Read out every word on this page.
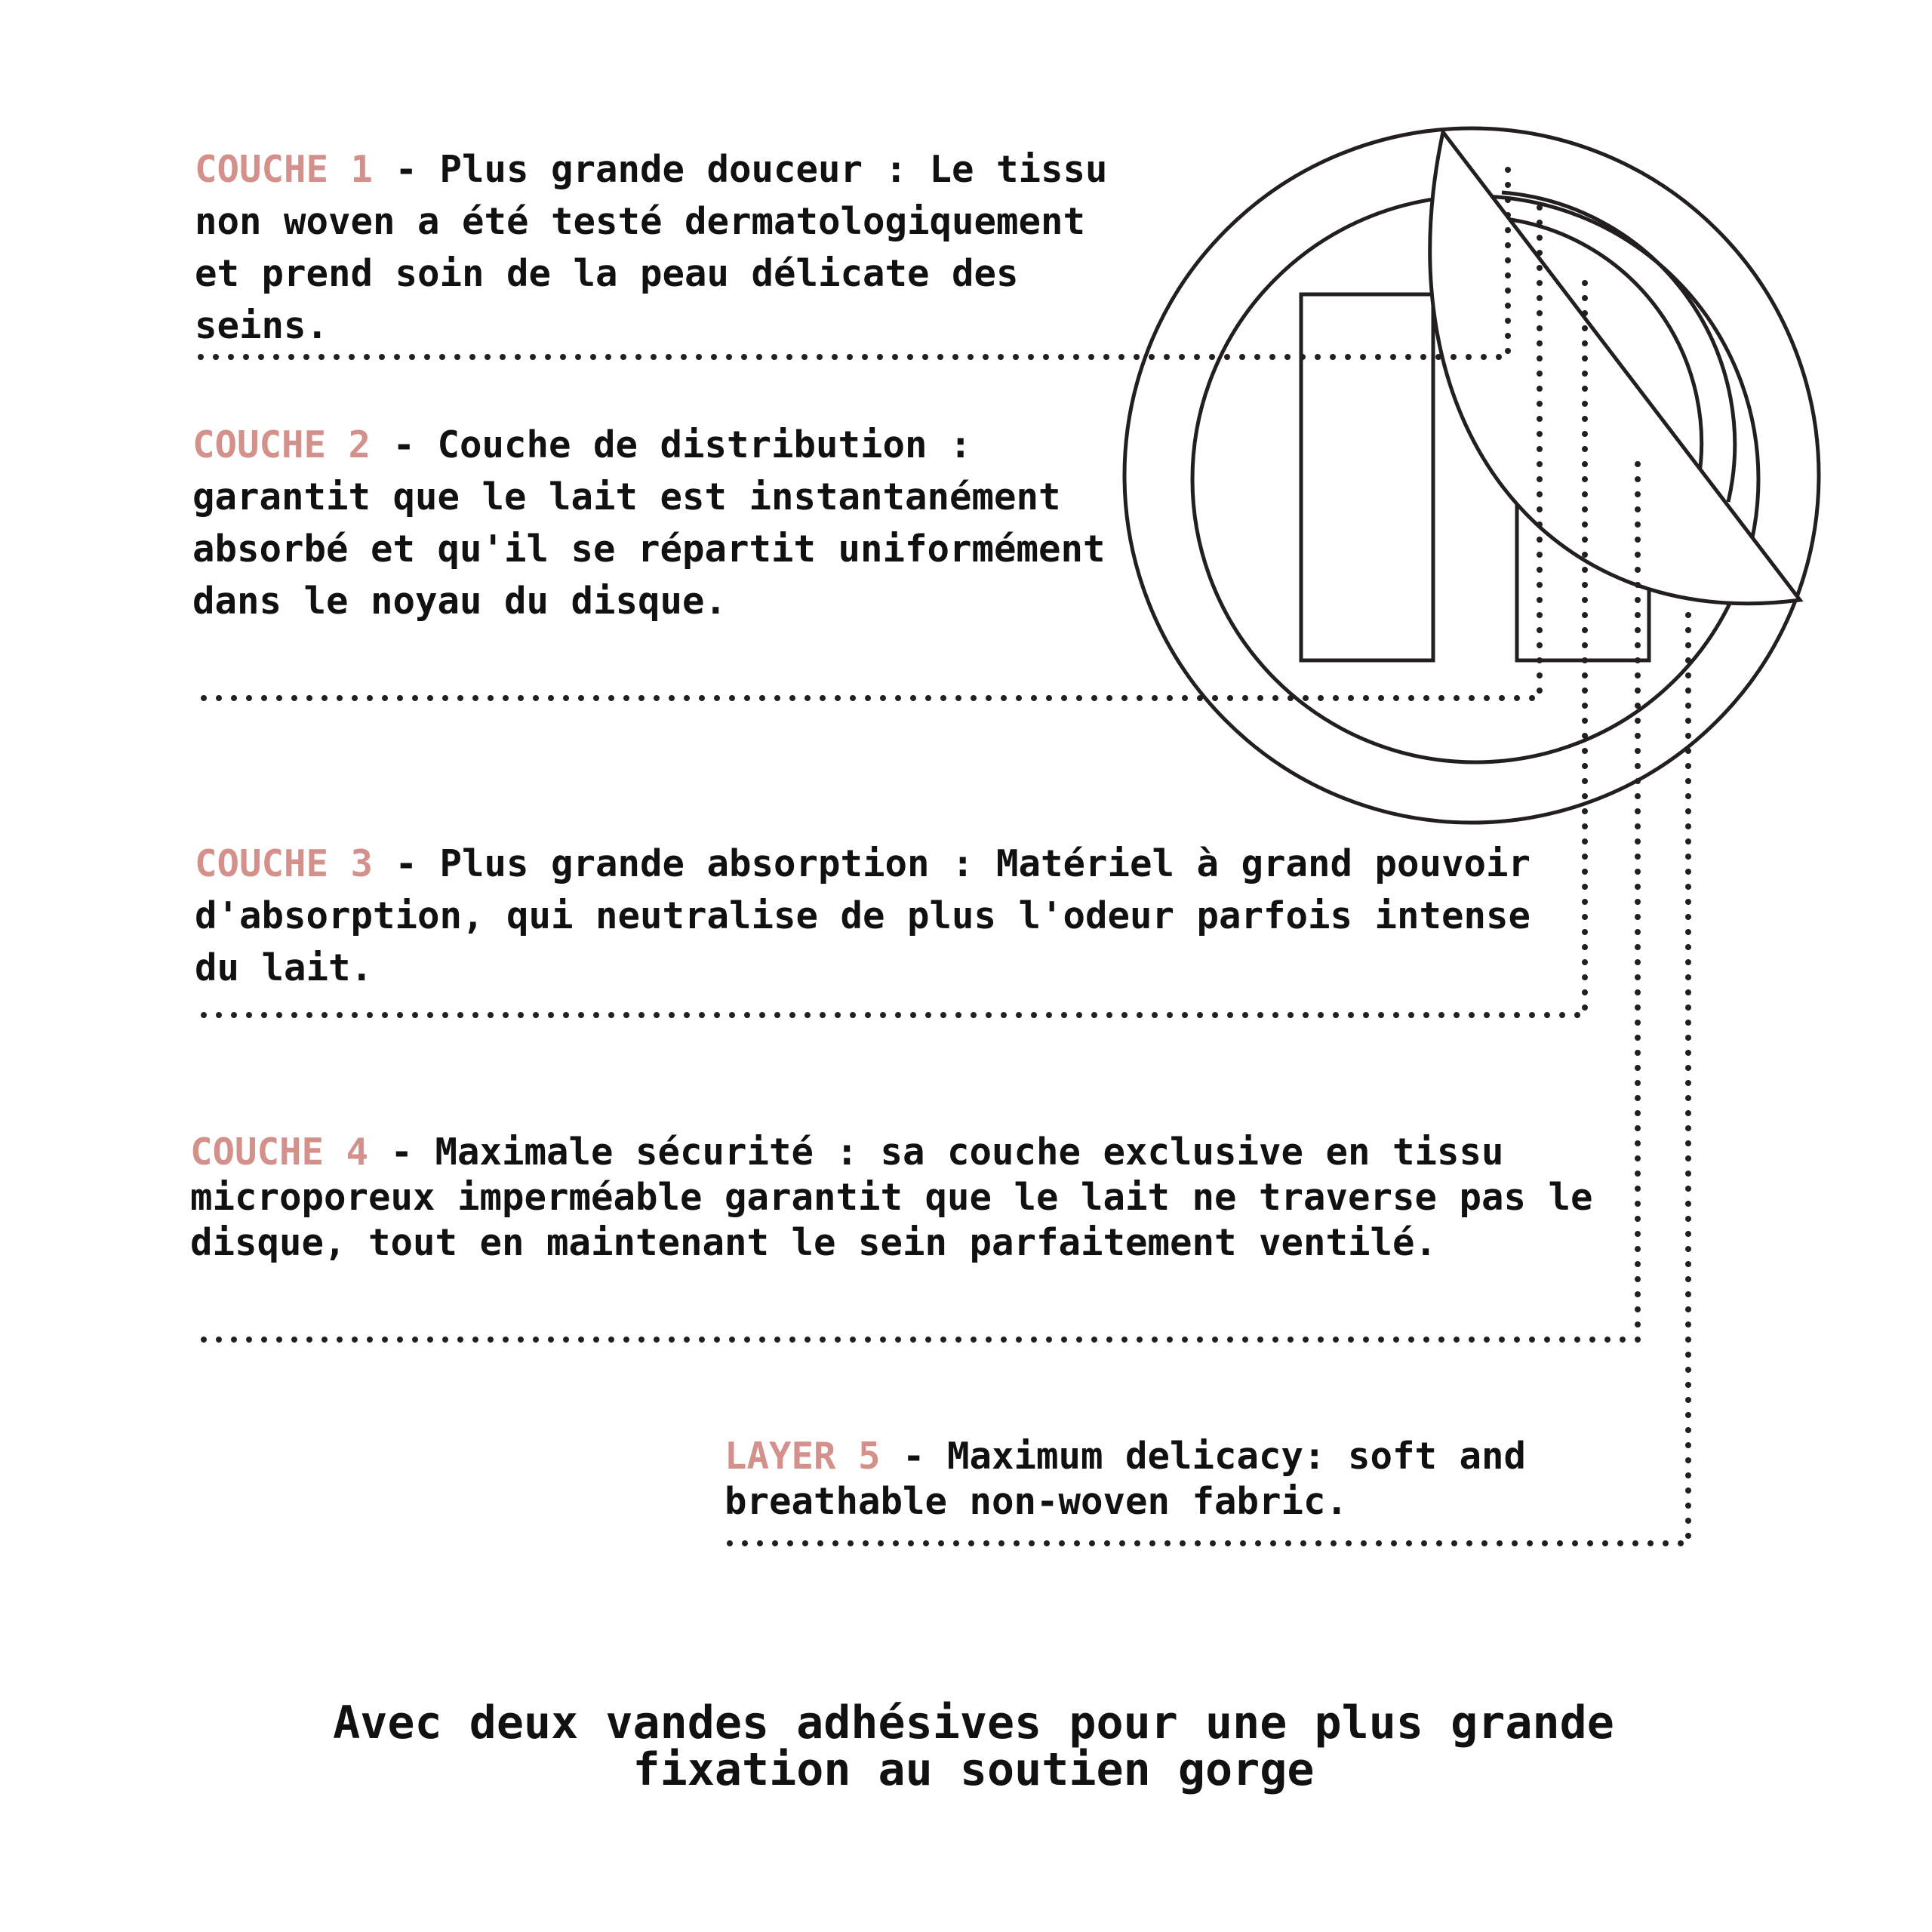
COUCHE 1 - Plus grande douceur : Le tissu non woven a été testé dermatologiquement et prend soin de la peau délicate des seins.

COUCHE 2 - Couche de distribution : garantit que le lait est instantanément absorbé et qu'il se répartit uniformément dans le noyau du disque.

COUCHE 3 - Plus grande absorption : Matériel à grand pouvoir d'absorption, qui neutralise de plus l'odeur parfois intense du lait.

COUCHE 4 - Maximale sécurité : sa couche exclusive en tissu microporeux imperméable garantit que le lait ne traverse pas le disque, tout en maintenant le sein parfaitement ventilé.

LAYER 5 - Maximum delicacy: soft and breathable non-woven fabric.

Avec deux vandes adhésives pour une plus grande fixation au soutien gorge
